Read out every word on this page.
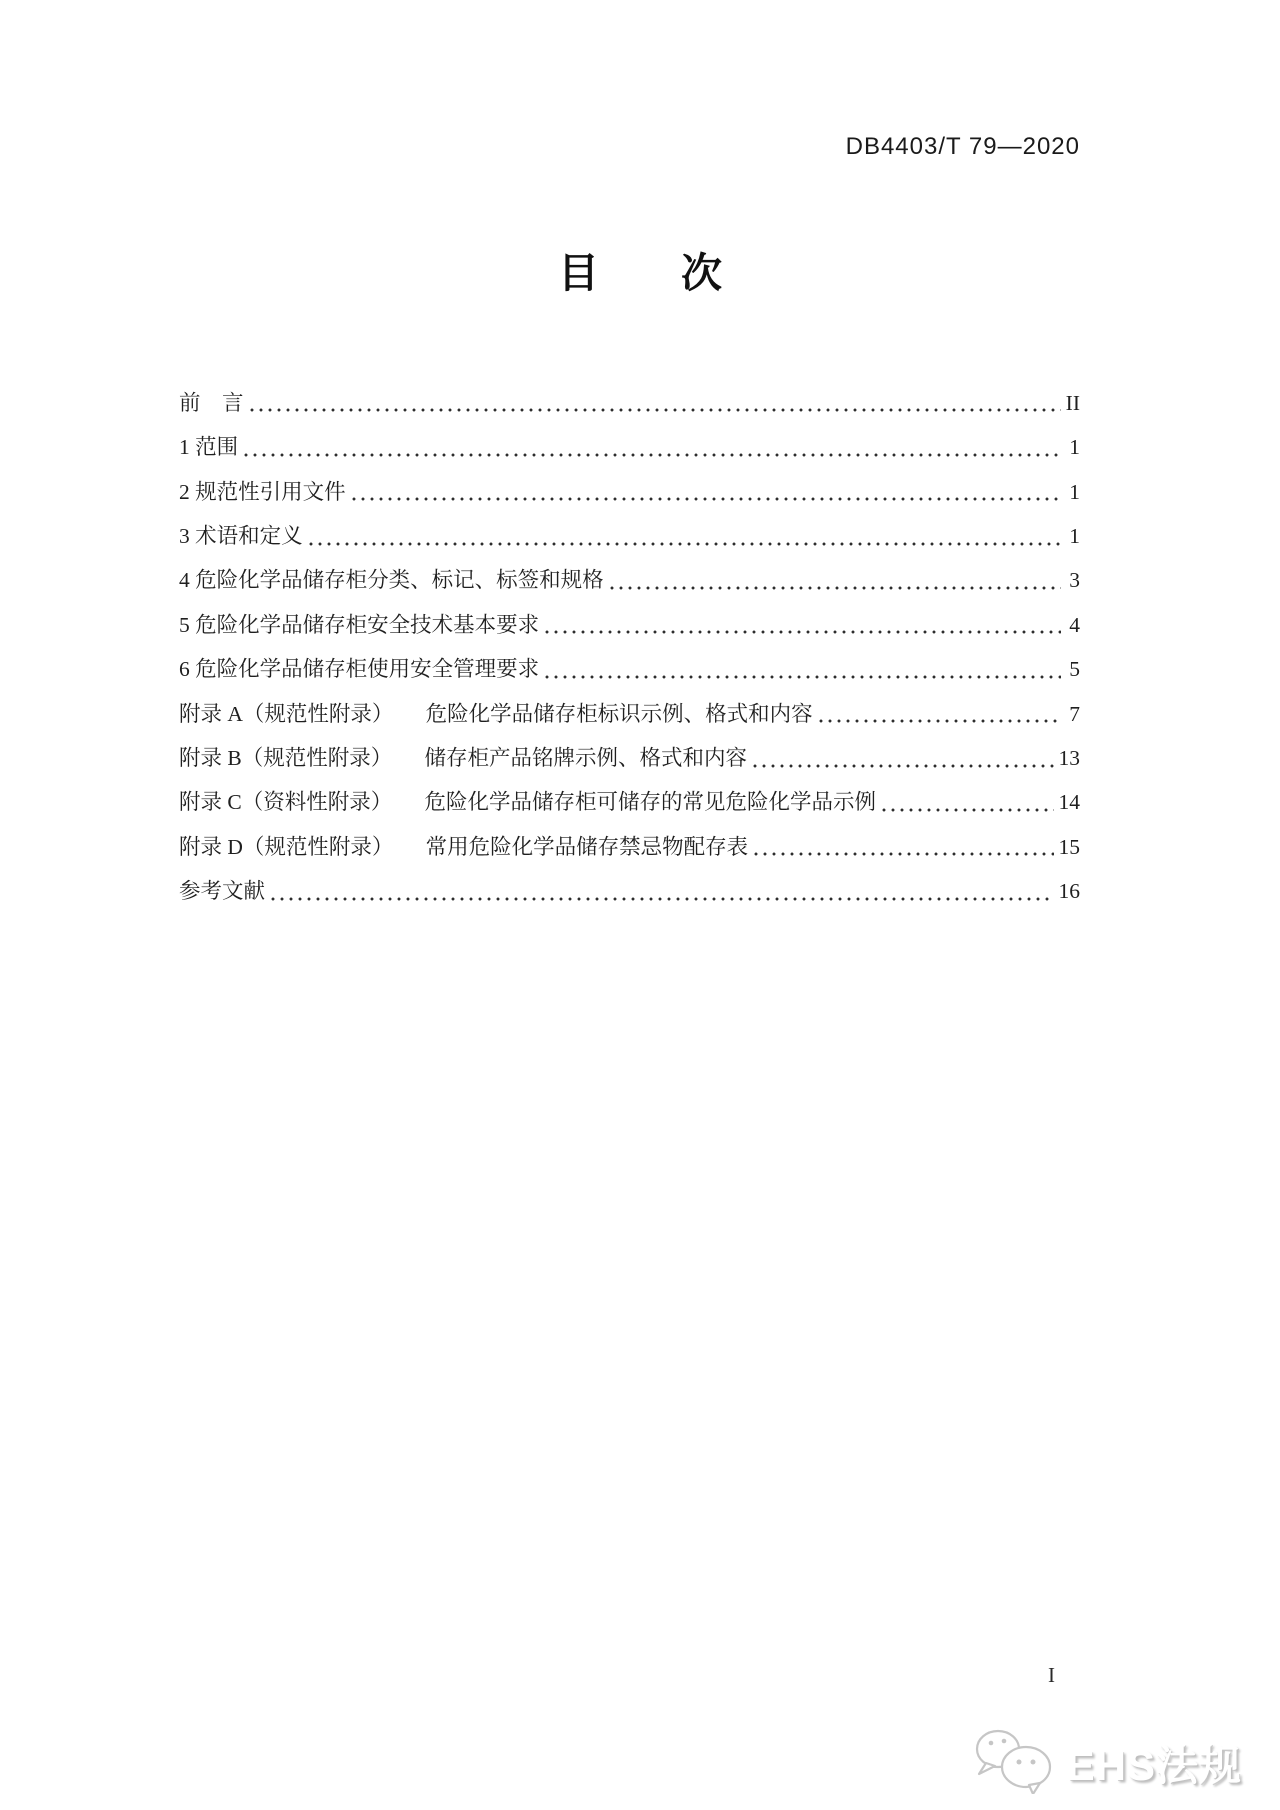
DB4403/T 79—2020
目　　次
前　言	II
1 范围	1
2 规范性引用文件	1
3 术语和定义	1
4 危险化学品储存柜分类、标记、标签和规格	3
5 危险化学品储存柜安全技术基本要求	4
6 危险化学品储存柜使用安全管理要求	5
附录 A（规范性附录）　　危险化学品储存柜标识示例、格式和内容	7
附录 B（规范性附录）　　储存柜产品铭牌示例、格式和内容	13
附录 C（资料性附录）　　危险化学品储存柜可储存的常见危险化学品示例	14
附录 D（规范性附录）　　常用危险化学品储存禁忌物配存表	15
参考文献	16
I
EHS法规
